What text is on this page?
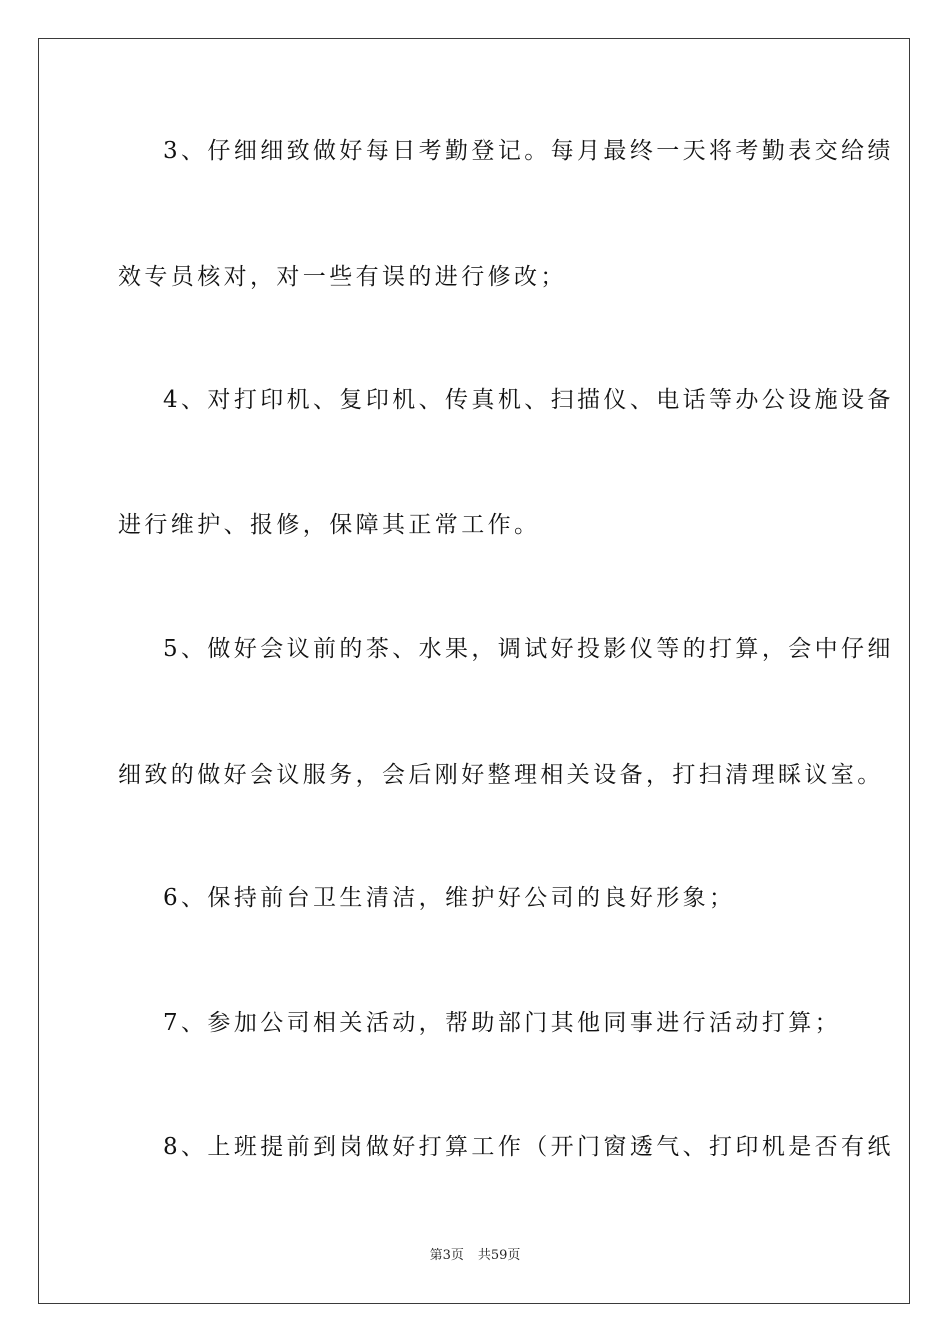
3、仔细细致做好每日考勤登记。每月最终一天将考勤表交给绩
效专员核对，对一些有误的进行修改；
4、对打印机、复印机、传真机、扫描仪、电话等办公设施设备
进行维护、报修，保障其正常工作。
5、做好会议前的茶、水果，调试好投影仪等的打算，会中仔细
细致的做好会议服务，会后刚好整理相关设备，打扫清理睬议室。
6、保持前台卫生清洁，维护好公司的良好形象；
7、参加公司相关活动，帮助部门其他同事进行活动打算；
8、上班提前到岗做好打算工作（开门窗透气、打印机是否有纸
第3页 共59页
